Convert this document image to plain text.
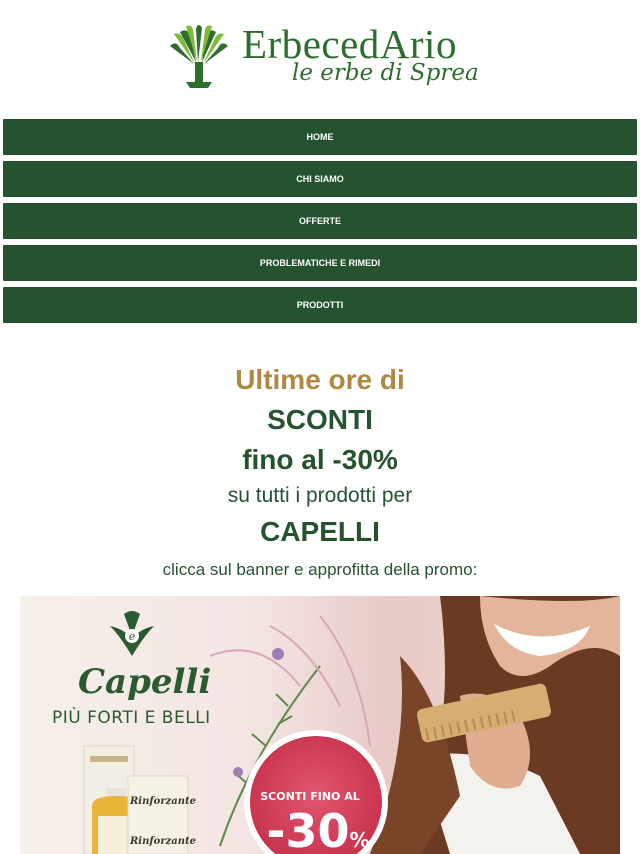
ErbecedArio
le erbe di Sprea
HOME
CHI SIAMO
OFFERTE
PROBLEMATICHE E RIMEDI
PRODOTTI
Ultime ore di
SCONTI
fino al -30%
su tutti i prodotti per
CAPELLI
clicca sul banner e approfitta della promo:
e
Capelli
PIÙ FORTI E BELLI
SCONTI FINO AL
-30%
Rinforzante
Rinforzante
